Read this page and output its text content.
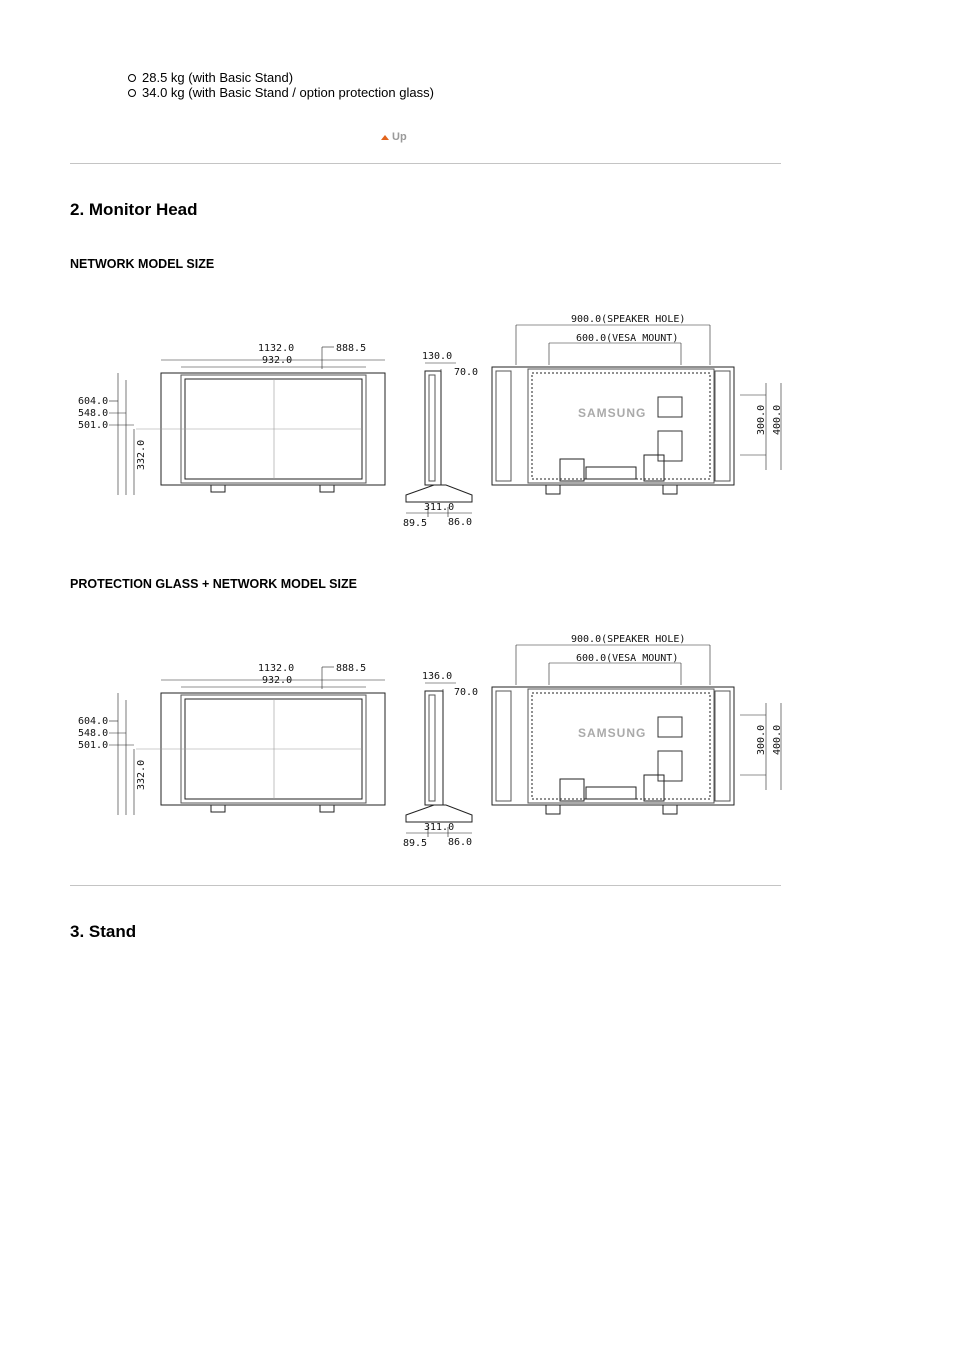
28.5 kg (with Basic Stand)
34.0 kg (with Basic Stand / option protection glass)
Up
2. Monitor Head
NETWORK MODEL SIZE
1132.0
932.0
888.5
604.0
548.0
501.0
332.0
130.0
70.0
311.0
89.5 86.0
900.0(SPEAKER HOLE)
600.0(VESA MOUNT)
300.0 400.0
SAMSUNG
PROTECTION GLASS + NETWORK MODEL SIZE
1132.0
932.0
888.5
604.0
548.0
501.0
332.0
136.0
70.0
311.0
89.5 86.0
900.0(SPEAKER HOLE)
600.0(VESA MOUNT)
300.0 400.0
SAMSUNG
3. Stand
